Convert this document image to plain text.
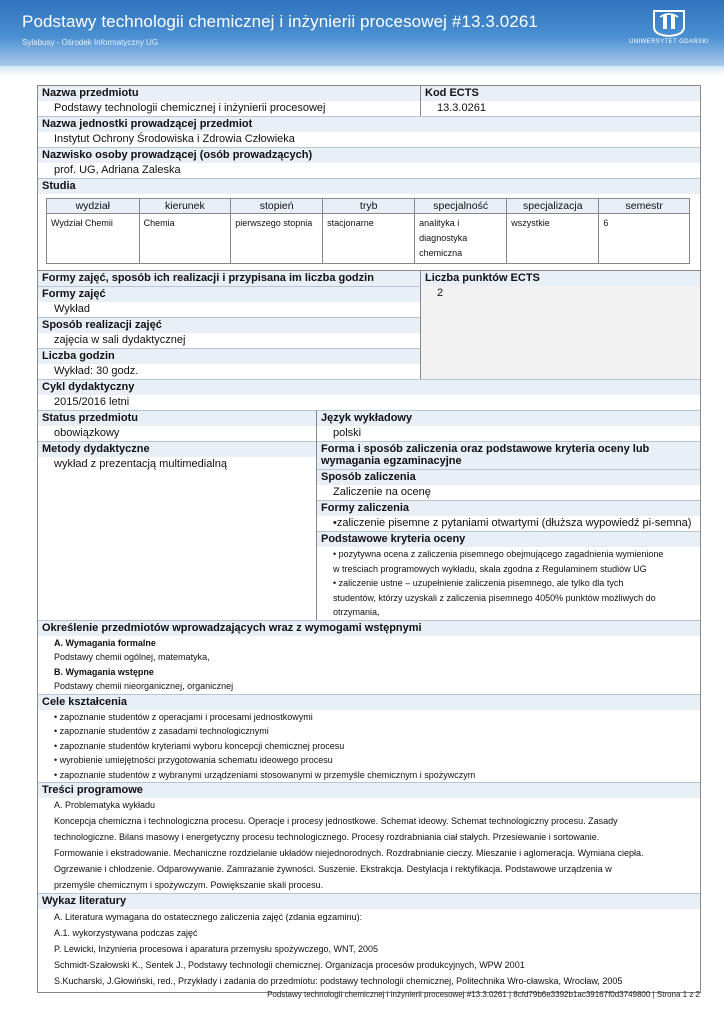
Podstawy technologii chemicznej i inżynierii procesowej #13.3.0261
Sylabusy - Ośrodek Informatyczny UG	UNIWERSYTET GDAŃSKI
Nazwa przedmiotu
Podstawy technologii chemicznej i inżynierii procesowej
Kod ECTS
13.3.0261
Nazwa jednostki prowadzącej przedmiot
Instytut Ochrony Środowiska i Zdrowia Człowieka
Nazwisko osoby prowadzącej (osób prowadzących)
prof. UG, Adriana Zaleska
Studia
wydział	kierunek	stopień	tryb	specjalność	specjalizacja	semestr
Wydział Chemii	Chemia	pierwszego stopnia	stacjonarne	analityka i diagnostyka chemiczna	wszystkie	6
Formy zajęć, sposób ich realizacji i przypisana im liczba godzin
Formy zajęć
Wykład
Sposób realizacji zajęć
zajęcia w sali dydaktycznej
Liczba godzin
Wykład: 30 godz.
Liczba punktów ECTS
2
Cykl dydaktyczny
2015/2016 letni
Status przedmiotu
obowiązkowy
Język wykładowy
polski
Metody dydaktyczne
wykład z prezentacją multimedialną
Forma i sposób zaliczenia oraz podstawowe kryteria oceny lub wymagania egzaminacyjne
Sposób zaliczenia
Zaliczenie na ocenę
Formy zaliczenia
•zaliczenie pisemne z pytaniami otwartymi (dłuższa wypowiedź pi-semna)
Podstawowe kryteria oceny
• pozytywna ocena z zaliczenia pisemnego obejmującego zagadnienia wymienione
w treściach programowych wykładu, skala zgodna z Regulaminem studiów UG
• zaliczenie ustne – uzupełnienie zaliczenia pisemnego, ale tylko dla tych
studentów, którzy uzyskali z zaliczenia pisemnego 4050% punktów możliwych do
otrzymania,
Określenie przedmiotów wprowadzających wraz z wymogami wstępnymi
A. Wymagania formalne
Podstawy chemii ogólnej, matematyka,
B. Wymagania wstępne
Podstawy chemii nieorganicznej, organicznej
Cele kształcenia
• zapoznanie studentów z operacjami i procesami jednostkowymi
• zapoznanie studentów z zasadami technologicznymi
• zapoznanie studentów kryteriami wyboru koncepcji chemicznej procesu
• wyrobienie umiejętności przygotowania schematu ideowego procesu
• zapoznanie studentów z wybranymi urządzeniami stosowanymi w przemyśle chemicznym i spożywczym
Treści programowe
A. Problematyka wykładu
Koncepcja chemiczna i technologiczna procesu. Operacje i procesy jednostkowe. Schemat ideowy. Schemat technologiczny procesu. Zasady
technologiczne. Bilans masowy i energetyczny procesu technologicznego. Procesy rozdrabniania ciał stałych. Przesiewanie i sortowanie.
Formowanie i ekstradowanie. Mechaniczne rozdzielanie układów niejednorodnych. Rozdrabnianie cieczy. Mieszanie i aglomeracja. Wymiana ciepła.
Ogrzewanie i chłodzenie. Odparowywanie. Zamrażanie żywności. Suszenie. Ekstrakcja. Destylacja i rektyfikacja. Podstawowe urządzenia w
przemyśle chemicznym i spożywczym. Powiększanie skali procesu.
Wykaz literatury
A. Literatura wymagana do ostatecznego zaliczenia zajęć (zdania egzaminu):
A.1. wykorzystywana podczas zajęć
P. Lewicki, Inżynieria procesowa i aparatura przemysłu spożywczego, WNT, 2005
Schmidt-Szałowski K., Sentek J., Podstawy technologii chemicznej. Organizacja procesów produkcyjnych, WPW 2001
S.Kucharski, J.Głowiński, red., Przykłady i zadania do przedmiotu: podstawy technologii chemicznej, Politechnika Wro-cławska, Wrocław, 2005
Podstawy technologii chemicznej i inżynierii procesowej #13.3.0261 | 8cfd79b6e3392b1ac39167f0d3749800 | Strona 1 z 2
